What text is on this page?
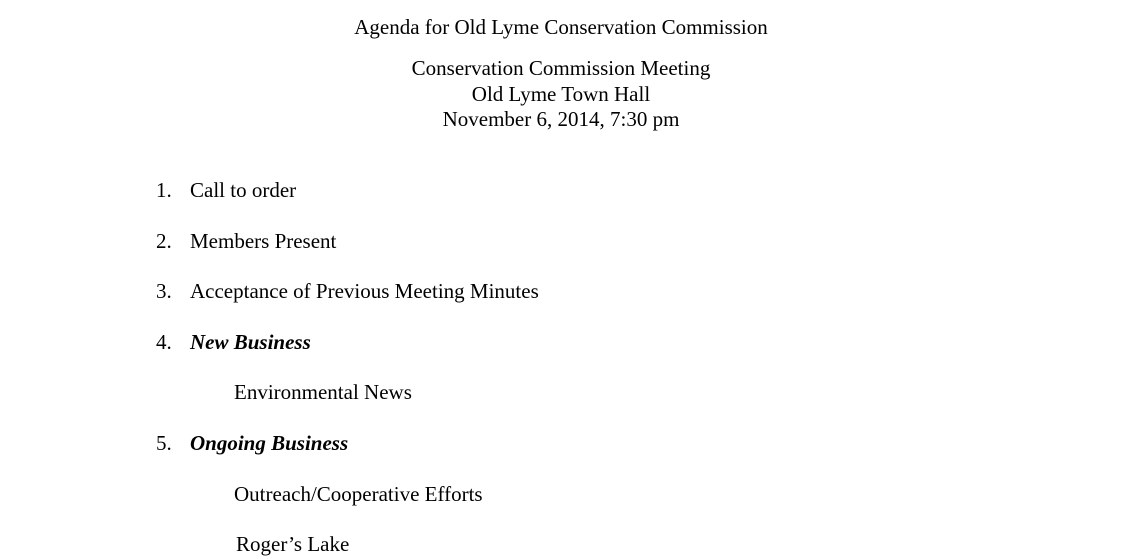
Agenda for Old Lyme Conservation Commission
Conservation Commission Meeting
Old Lyme Town Hall
November 6, 2014, 7:30 pm
1. Call to order
2. Members Present
3. Acceptance of Previous Meeting Minutes
4. New Business
Environmental News
5. Ongoing Business
Outreach/Cooperative Efforts
Roger’s Lake
